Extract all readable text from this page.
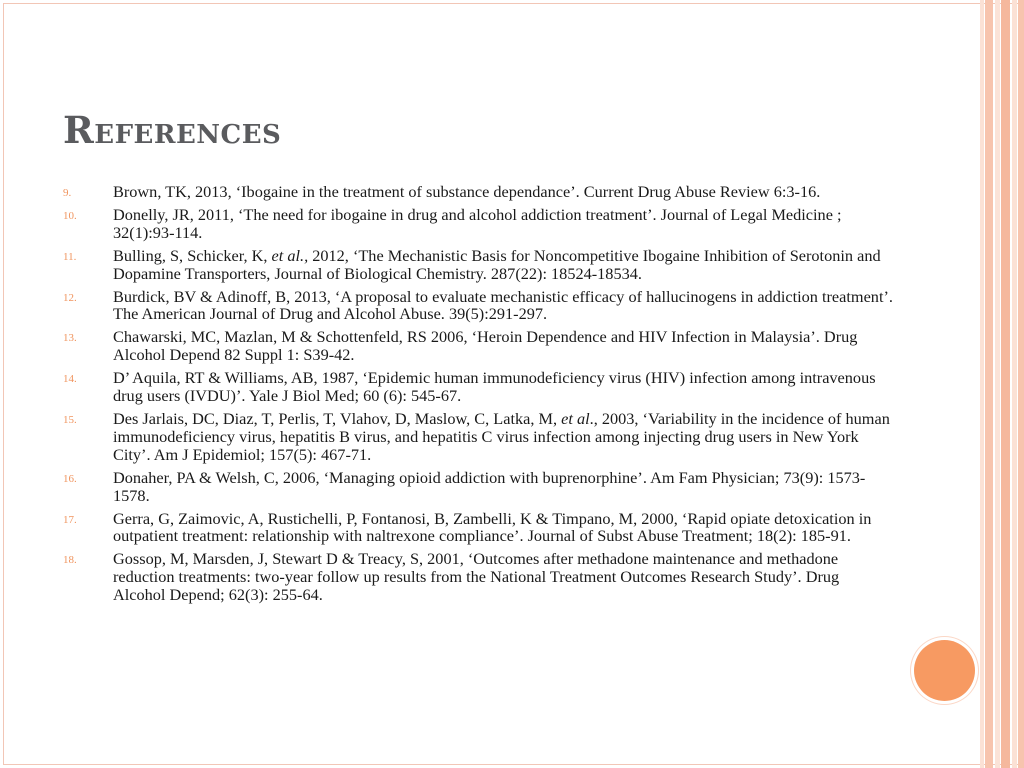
References
9.	Brown, TK, 2013, ‘Ibogaine in the treatment of substance dependance’. Current Drug Abuse Review 6:3-16.
10. Donelly, JR, 2011, ‘The need for ibogaine in drug and alcohol addiction treatment’. Journal of Legal Medicine ; 32(1):93-114.
11. Bulling, S, Schicker, K, et al., 2012, ‘The Mechanistic Basis for Noncompetitive Ibogaine Inhibition of Serotonin and Dopamine Transporters, Journal of Biological Chemistry. 287(22): 18524-18534.
12. Burdick, BV & Adinoff, B, 2013, ‘A proposal to evaluate mechanistic efficacy of hallucinogens in addiction treatment’. The American Journal of Drug and Alcohol Abuse. 39(5):291-297.
13. Chawarski, MC, Mazlan, M & Schottenfeld, RS 2006, ‘Heroin Dependence and HIV Infection in Malaysia’. Drug Alcohol Depend 82 Suppl 1: S39-42.
14. D’ Aquila, RT & Williams, AB, 1987, ‘Epidemic human immunodeficiency virus (HIV) infection among intravenous drug users (IVDU)’. Yale J Biol Med; 60 (6): 545-67.
15. Des Jarlais, DC, Diaz, T, Perlis, T, Vlahov, D, Maslow, C, Latka, M, et al., 2003, ‘Variability in the incidence of human immunodeficiency virus, hepatitis B virus, and hepatitis C virus infection among injecting drug users in New York City’. Am J Epidemiol; 157(5): 467-71.
16. Donaher, PA & Welsh, C, 2006, ‘Managing opioid addiction with buprenorphine’. Am Fam Physician; 73(9): 1573-1578.
17. Gerra, G, Zaimovic, A, Rustichelli, P, Fontanosi, B, Zambelli, K & Timpano, M, 2000, ‘Rapid opiate detoxication in outpatient treatment: relationship with naltrexone compliance’. Journal of Subst Abuse Treatment; 18(2): 185-91.
18. Gossop, M, Marsden, J, Stewart D & Treacy, S, 2001, ‘Outcomes after methadone maintenance and methadone reduction treatments: two-year follow up results from the National Treatment Outcomes Research Study’. Drug Alcohol Depend; 62(3): 255-64.
